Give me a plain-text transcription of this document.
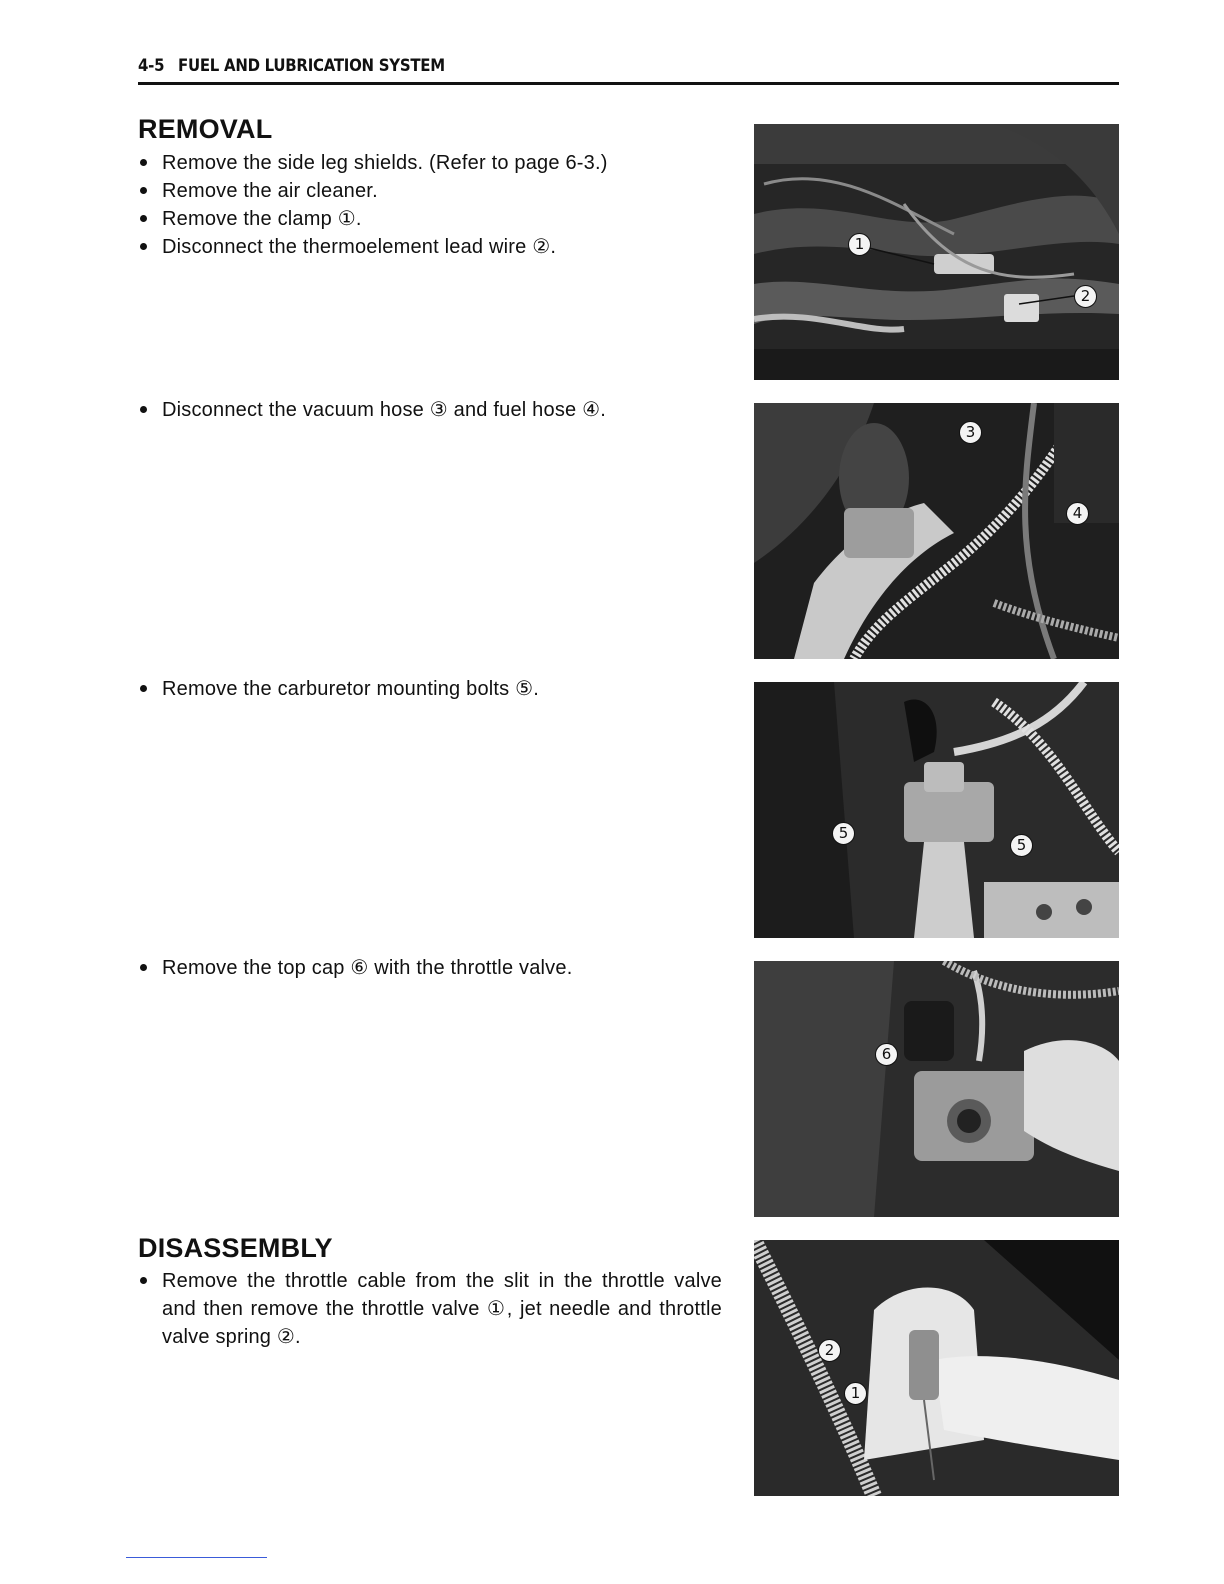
4-5 FUEL AND LUBRICATION SYSTEM
REMOVAL
Remove the side leg shields. (Refer to page 6-3.)
Remove the air cleaner.
Remove the clamp ①.
Disconnect the thermoelement lead wire ②.
Disconnect the vacuum hose ③ and fuel hose ④.
Remove the carburetor mounting bolts ⑤.
Remove the top cap ⑥ with the throttle valve.
DISASSEMBLY
Remove the throttle cable from the slit in the throttle valve and then remove the throttle valve ①, jet needle and throttle valve spring ②.
1
2
3
4
5
5
6
2
1
